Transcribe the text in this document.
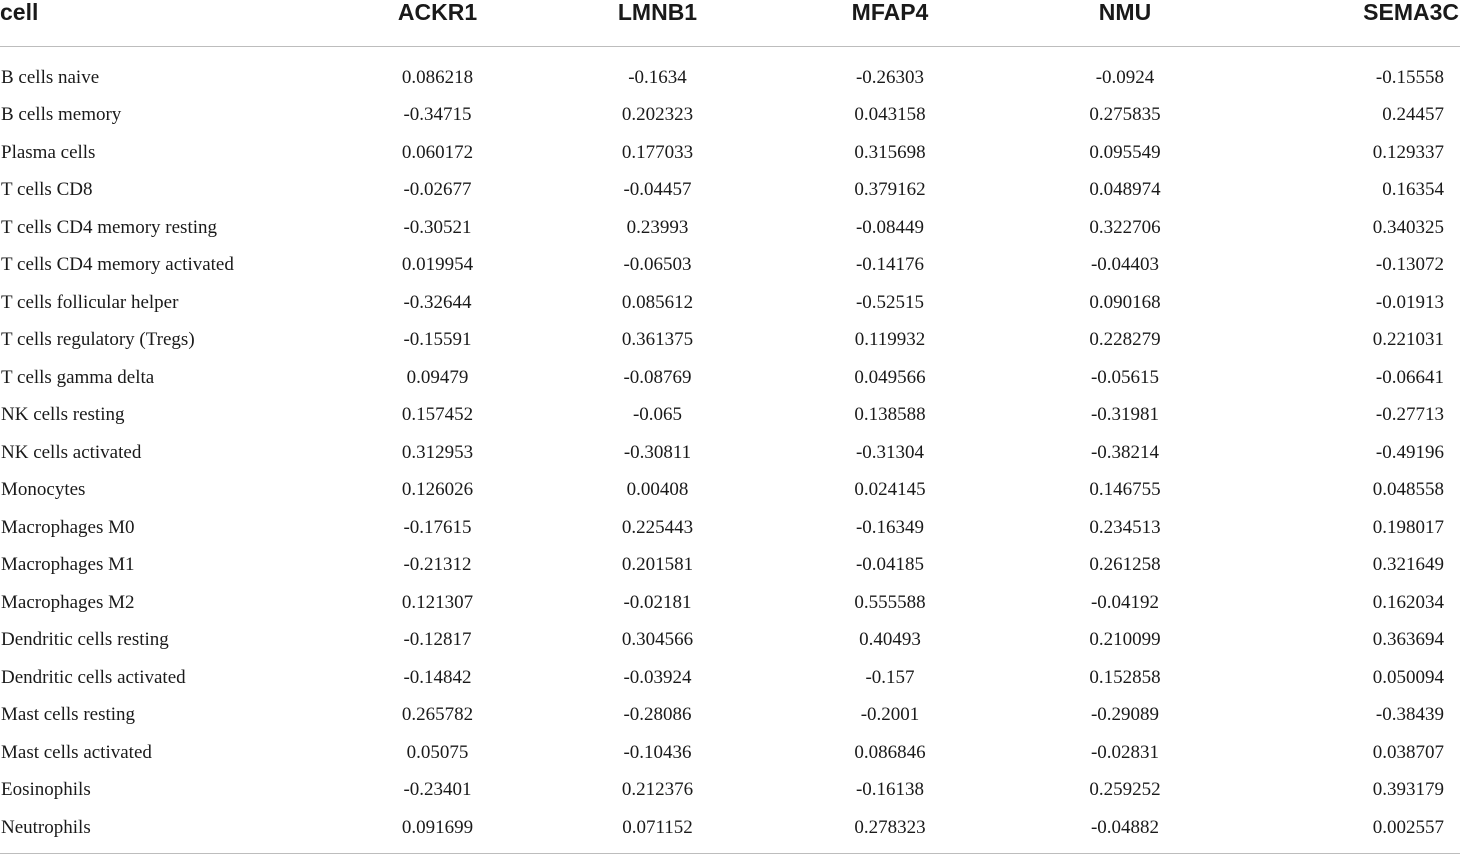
cell	ACKR1	LMNB1	MFAP4	NMU	SEMA3C

B cells naive	0.086218	-0.1634	-0.26303	-0.0924	-0.15558
B cells memory	-0.34715	0.202323	0.043158	0.275835	0.24457
Plasma cells	0.060172	0.177033	0.315698	0.095549	0.129337
T cells CD8	-0.02677	-0.04457	0.379162	0.048974	0.16354
T cells CD4 memory resting	-0.30521	0.23993	-0.08449	0.322706	0.340325
T cells CD4 memory activated	0.019954	-0.06503	-0.14176	-0.04403	-0.13072
T cells follicular helper	-0.32644	0.085612	-0.52515	0.090168	-0.01913
T cells regulatory (Tregs)	-0.15591	0.361375	0.119932	0.228279	0.221031
T cells gamma delta	0.09479	-0.08769	0.049566	-0.05615	-0.06641
NK cells resting	0.157452	-0.065	0.138588	-0.31981	-0.27713
NK cells activated	0.312953	-0.30811	-0.31304	-0.38214	-0.49196
Monocytes	0.126026	0.00408	0.024145	0.146755	0.048558
Macrophages M0	-0.17615	0.225443	-0.16349	0.234513	0.198017
Macrophages M1	-0.21312	0.201581	-0.04185	0.261258	0.321649
Macrophages M2	0.121307	-0.02181	0.555588	-0.04192	0.162034
Dendritic cells resting	-0.12817	0.304566	0.40493	0.210099	0.363694
Dendritic cells activated	-0.14842	-0.03924	-0.157	0.152858	0.050094
Mast cells resting	0.265782	-0.28086	-0.2001	-0.29089	-0.38439
Mast cells activated	0.05075	-0.10436	0.086846	-0.02831	0.038707
Eosinophils	-0.23401	0.212376	-0.16138	0.259252	0.393179
Neutrophils	0.091699	0.071152	0.278323	-0.04882	0.002557
